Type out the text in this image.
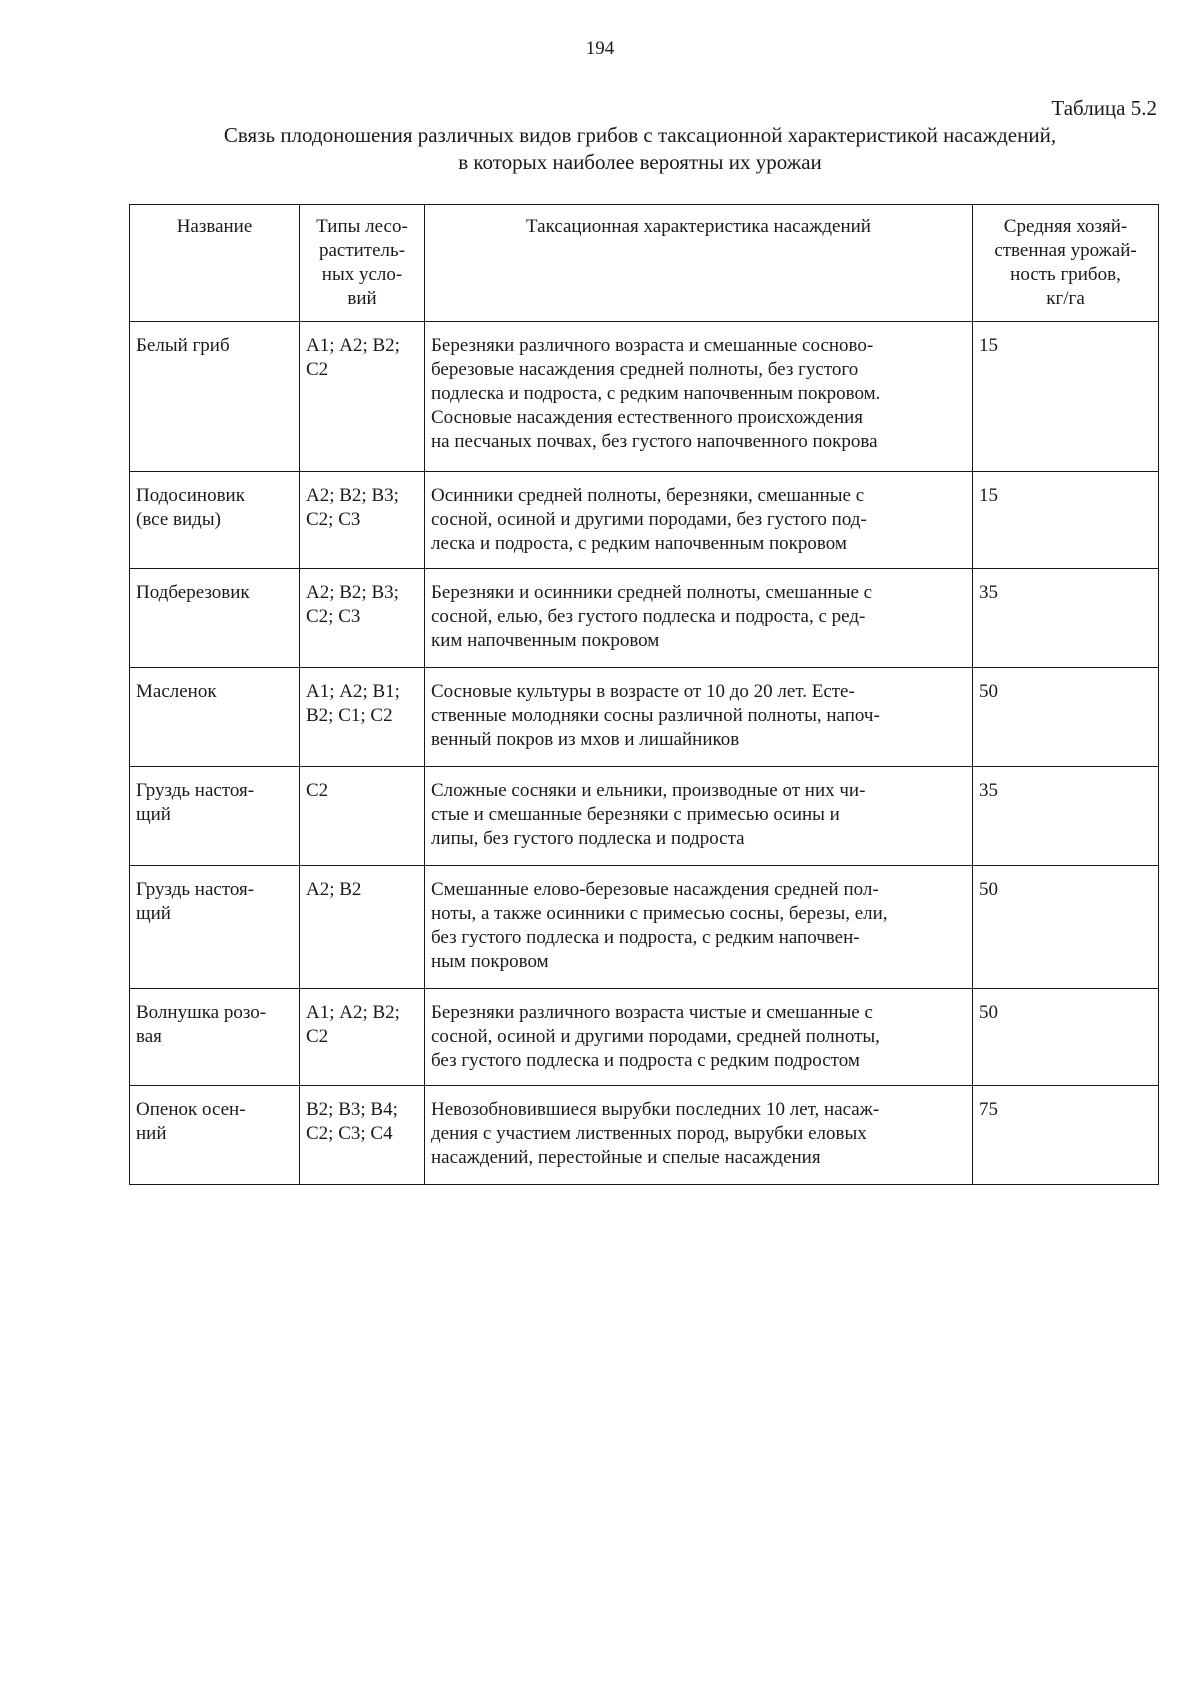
194
Таблица 5.2
Связь плодоношения различных видов грибов с таксационной характеристикой насаждений,
в которых наиболее вероятны их урожаи
Название	Типы лесо-
раститель-
ных усло-
вий	Таксационная характеристика насаждений	Средняя хозяй-
ственная урожай-
ность грибов,
кг/га

Белый гриб	А1; А2; В2;
С2	Березняки различного возраста и смешанные сосново-
березовые насаждения средней полноты, без густого
подлеска и подроста, с редким напочвенным покровом.
Сосновые насаждения естественного происхождения
на песчаных почвах, без густого напочвенного покрова	15

Подосиновик
(все виды)	А2; В2; В3;
С2; С3	Осинники средней полноты, березняки, смешанные с
сосной, осиной и другими породами, без густого под-
леска и подроста, с редким напочвенным покровом	15

Подберезовик	А2; В2; В3;
С2; С3	Березняки и осинники средней полноты, смешанные с
сосной, елью, без густого подлеска и подроста, с ред-
ким напочвенным покровом	35

Масленок	А1; А2; В1;
В2; С1; С2	Сосновые культуры в возрасте от 10 до 20 лет. Есте-
ственные молодняки сосны различной полноты, напоч-
венный покров из мхов и лишайников	50

Груздь настоя-
щий	С2	Сложные сосняки и ельники, производные от них чи-
стые и смешанные березняки с примесью осины и
липы, без густого подлеска и подроста	35

Груздь настоя-
щий	А2; В2	Смешанные елово-березовые насаждения средней пол-
ноты, а также осинники с примесью сосны, березы, ели,
без густого подлеска и подроста, с редким напочвен-
ным покровом	50

Волнушка розо-
вая	А1; А2; В2;
С2	Березняки различного возраста чистые и смешанные с
сосной, осиной и другими породами, средней полноты,
без густого подлеска и подроста с редким подростом	50

Опенок осен-
ний	В2; В3; В4;
С2; С3; С4	Невозобновившиеся вырубки последних 10 лет, насаж-
дения с участием лиственных пород, вырубки еловых
насаждений, перестойные и спелые насаждения	75
